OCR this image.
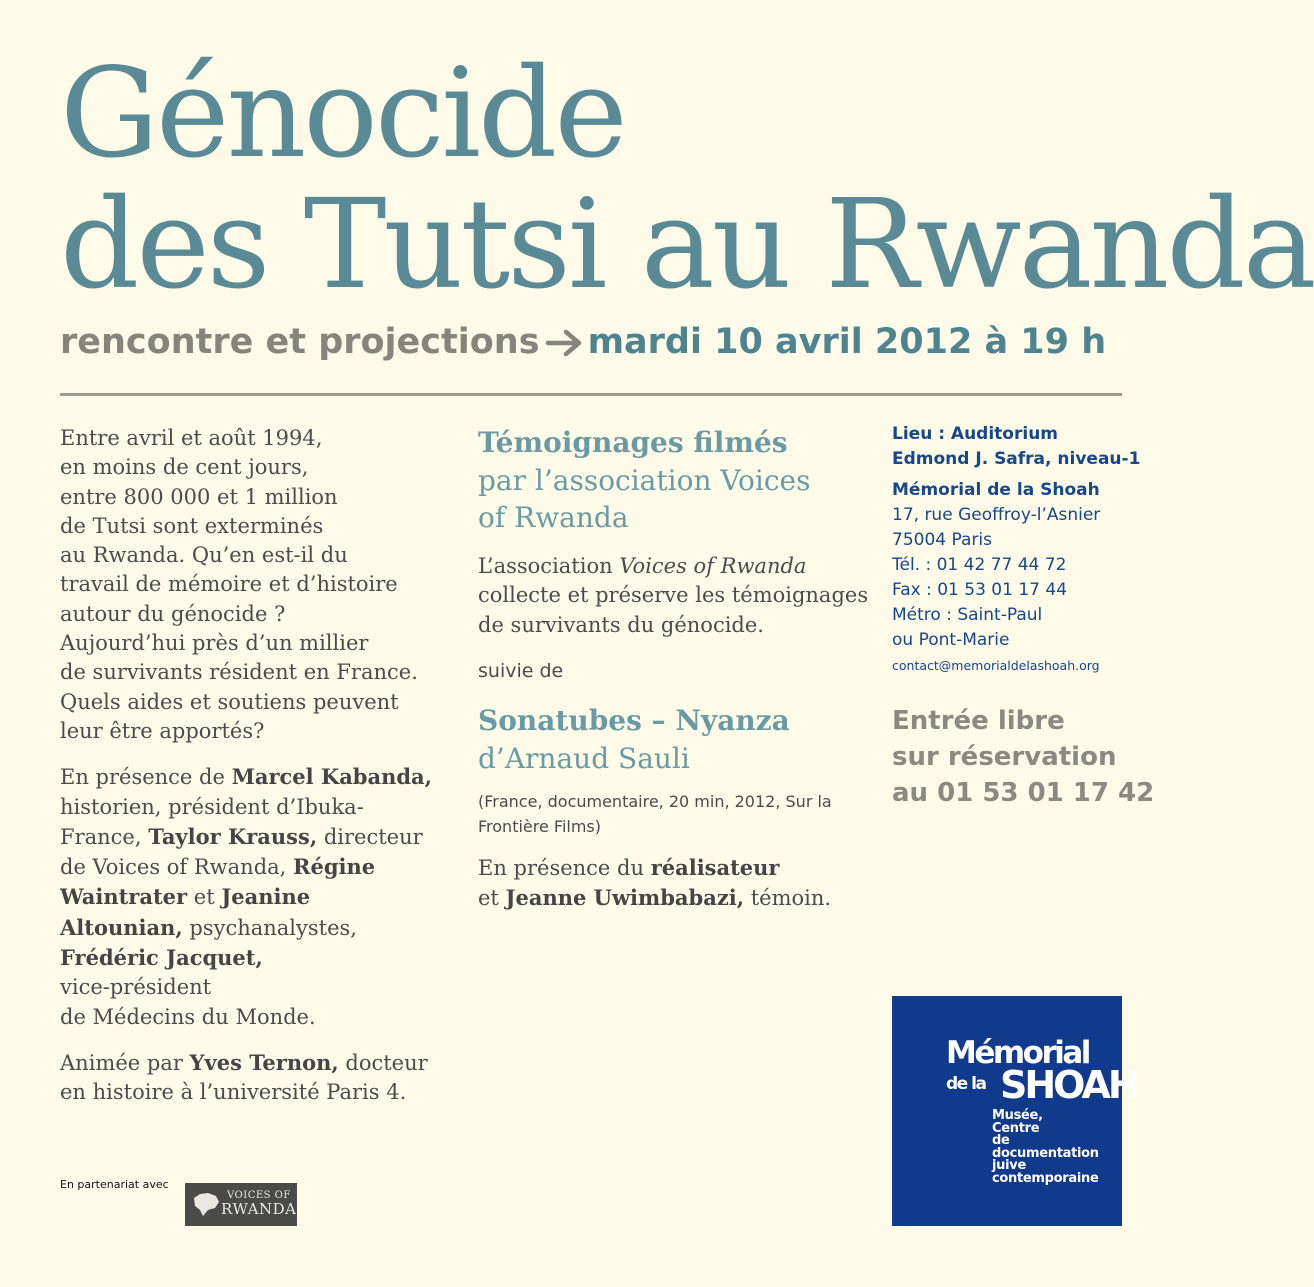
Génocide
des Tutsi au Rwanda
rencontre et projections mardi 10 avril 2012 à 19 h

Entre avril et août 1994,
en moins de cent jours,
entre 800 000 et 1 million
de Tutsi sont exterminés
au Rwanda. Qu’en est-il du
travail de mémoire et d’histoire
autour du génocide ?
Aujourd’hui près d’un millier
de survivants résident en France.
Quels aides et soutiens peuvent
leur être apportés?

En présence de Marcel Kabanda, historien, président d’Ibuka-France, Taylor Krauss, directeur de Voices of Rwanda, Régine Waintrater et Jeanine Altounian, psychanalystes, Frédéric Jacquet,
vice-président
de Médecins du Monde.

Animée par Yves Ternon, docteur en histoire à l’université Paris 4.

Témoignages filmés
par l’association Voices of Rwanda
L’association Voices of Rwanda collecte et préserve les témoignages de survivants du génocide.
suivie de
Sonatubes – Nyanza
d’Arnaud Sauli
(France, documentaire, 20 min, 2012, Sur la Frontière Films)
En présence du réalisateur
et Jeanne Uwimbabazi, témoin.
Lieu : Auditorium
Edmond J. Safra, niveau-1
Mémorial de la Shoah
17, rue Geoffroy-l’Asnier
75004 Paris
Tél. : 01 42 77 44 72
Fax : 01 53 01 17 44
Métro : Saint-Paul
ou Pont-Marie
contact@memorialdelashoah.org
Entrée libre
sur réservation
au 01 53 01 17 42
En partenariat avec
VOICES OF
RWANDA
Mémorial
de la SHOAH
Musée,
Centre
de documentation
juive
contemporaine
